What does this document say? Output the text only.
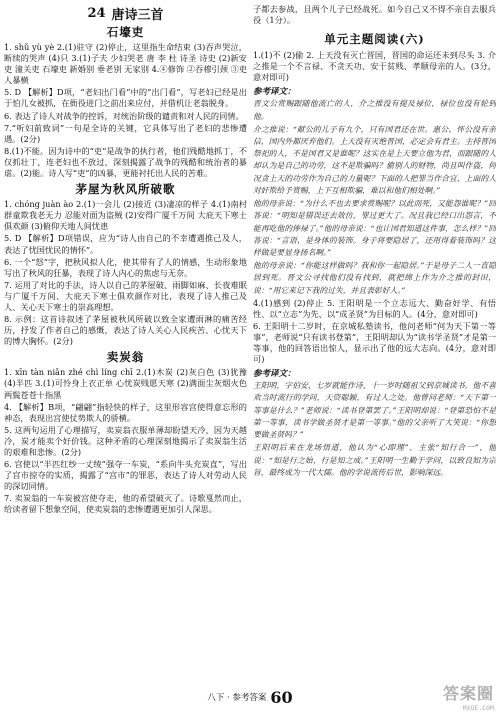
24 唐诗三首
石壕吏

1. shǔ yù yè 2.(1)驻守 (2)停止，这里指生命结束 (3)吞声哭泣，断续的哭声 (4)只 3.(1)子夫 少妇哭老 唐 李 杜 诗圣 诗史 (2)新安吏 潼关吏 石壕吏 新婚别 垂老别 无家别 4.④修饰 ②吞穆引颈 ③吏人暴横

5. D 【解析】D项，“老妇出门看”中的“出门看”，写老妇已经是出于怕儿女被抓，在衙役进门之前出来应付，并借机让老翁脱身。

6. 表达了诗人对战争的控诉，对统治阶级的谴责和对人民的同情。

7.“听妇前致词”一句是全诗的关键，它具体写出了老妇的悲惨遭遇。(2分)

8.(1)不能。因为诗中的“吏”是战争的执行者，他们残酷地抓丁，不仅抓壮丁，连老妇也不放过，深刻揭露了战争的残酷和统治者的暴虐。(2)能。诗人写“吏”的凶暴，更能衬托出人民的苦难。

茅屋为秋风所破歌

1. chóng juàn ào 2.(1)一会儿 (2)接近 (3)凄凉的样子 4.(1)南村群童欺我老无力 忍能对面为盗贼 (2)安得广厦千万间 大庇天下寒士俱欢颜 (3)俯仰天地人间忧患

5. D 【解析】D项错误，应为“诗人由自己的不幸遭遇推己及人，表达了忧国忧民的情怀”。

6. 一个“怒”字，把秋风拟人化，使其带有了人的情感，生动形象地写出了秋风的狂暴，表现了诗人内心的焦虑与无奈。

7. 运用了对比的手法，诗人以自己的茅屋破、雨脚如麻、长夜难眠与广厦千万间、大庇天下寒士俱欢颜作对比，表现了诗人推己及人、关心天下寒士的崇高理想。

8. 示例：这首诗叙述了茅屋被秋风所破以致全家遭雨淋的痛苦经历，抒发了作者自己的感慨，表达了诗人关心人民疾苦、心忧天下的博大胸怀。(2分)

卖炭翁

1. xīn tàn niǎn zhé chì líng chī 2.(1)木炭 (2)灰白色 (3)犹豫 (4)半匹 3.(1)可怜身上衣正单 心忧炭贱愿天寒 (2)满面尘灰烟火色 两鬓苍苍十指黑

4. 【解析】B项，“翩翩”指轻快的样子，这里形容宫使得意忘形的神态，表现出宫使仗势欺人的骄横。

5. 这两句运用了心理描写，卖炭翁衣服单薄却盼望天冷，因为天越冷，炭才能卖个好价钱。这种矛盾的心理深刻地揭示了卖炭翁生活的艰难和悲惨。(2分)

6. 宫使以“半匹红纱一丈绫”强夺一车炭，“系向牛头充炭直”，写出了宫市掠夺的实质，揭露了“宫市”的罪恶，表达了诗人对劳动人民的深切同情。

7. 卖炭翁的一车炭被宫使夺走，他的希望破灭了。诗歌戛然而止，给读者留下想象空间，使卖炭翁的悲惨遭遇更加引人深思。

子都去参战，且两个儿子已经战死。如今自己又不得不亲自去服兵役（1分）。

单元主题阅读(六)

1.(1)不 (2)偷 2. 上天没有灭亡晋国，晋国的命运还未到尽头 3. 介之推是一个不言禄、不贪天功、安于贫贱、孝顺母亲的人。(3分，意对即可)

参考译文：

晋文公赏赐跟随他流亡的人，介之推没有提及禄位，禄位也没有轮到他。

介之推说：“献公的儿子有九个，只有国君还在世。惠公、怀公没有亲信，国内外都厌弃他们。上天没有灭绝晋国，必定会有君主。主持晋国祭祀的人，不是国君又是谁呢？这实在是上天要立他为君，而跟随的人却认为是自己的功劳，这不是欺骗吗？偷别人的财物，尚且叫作盗，何况贪上天的功劳作为自己的力量呢？下面的人把罪当作合宜，上面的人对奸欺给予赏赐，上下互相欺骗，难以和他们相处啊。”

他的母亲说：“为什么不也去要求赏赐呢？以此而死，又能怨谁呢？”回答说：“明知是错误还去效仿，罪过更大了。况且我已经口出怨言，不能再吃他的俸禄了。”他的母亲说：“也让国君知道这件事，怎么样？”回答说：“言语，是身体的装饰。身子将要隐居了，还用得着装饰吗？这样做是要显身扬名啊。”

他的母亲说：“你能这样做吗？我和你一起隐居。”于是母子二人一直隐居到死。晋文公寻找他们没有找到，就把绵上作为介之推的封田，说：“用它来记下我的过失，并且表彰好人。”

4.(1)感到 (2)停止 5. 王阳明是一个立志远大、勤奋好学、有悟性、以“立志”为先、以“成圣贤”为目标的人。(4分，意对即可)

6. 王阳明十二岁时，在京城私塾读书，他问老师“何为天下第一等事”，老师说“只有读书登第”，王阳明却认为“读书学圣贤”才是第一等事，他的回答语出惊人，显示出了他的远大志向。(4分，意对即可)

参考译文：

王阳明，字伯安，七岁就能作诗，十一岁时随祖父到京城读书。他不喜欢当时流行的学问，天资聪颖，有过人之处。他曾问老师：“天下第一等事是什么？”老师说：“读书登第罢了。”王阳明却说：“登第恐怕不是第一等事，读书学做圣贤才是第一等事。”他的父亲听了大笑说：“你想要做圣贤吗？”

王阳明后来在龙场悟道，他认为“心即理”，主张“知行合一”，他说：“知是行之始，行是知之成。”王阳明一生勤于学问，以致良知为宗旨，最终成为一代大儒。他的学说流传后世，影响深远。

八下 · 参考答案 60	答案圈
MXQE.COM
